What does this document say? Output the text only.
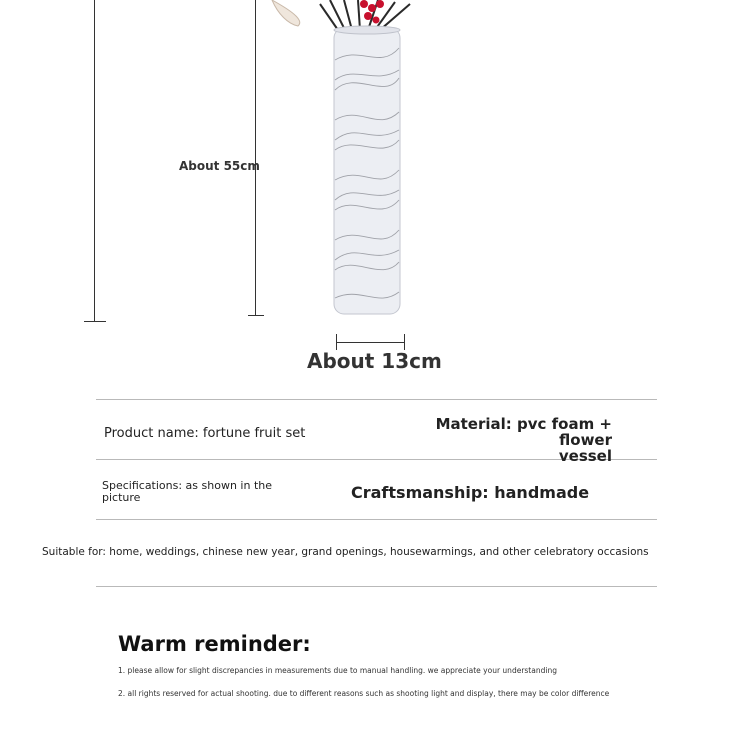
About 55cm
About 13cm
Product name: fortune fruit set
Material: pvc foam + flower
vessel
Specifications: as shown in the
picture	Craftsmanship: handmade
Suitable for: home, weddings, chinese new year, grand openings, housewarmings, and other celebratory occasions
Warm reminder:
1. please allow for slight discrepancies in measurements due to manual handling. we appreciate your understanding
2. all rights reserved for actual shooting. due to different reasons such as shooting light and display, there may be color difference
